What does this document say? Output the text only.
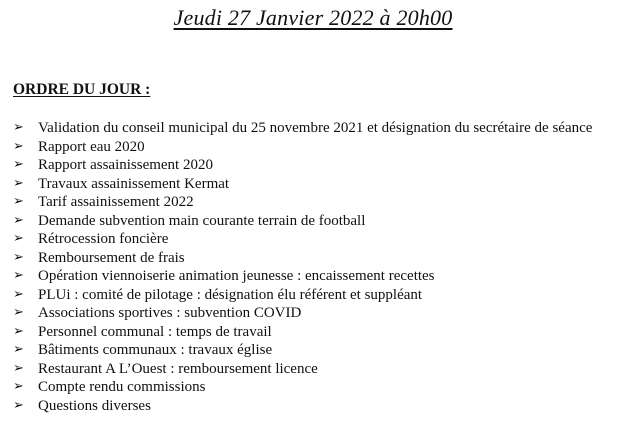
Jeudi 27 Janvier 2022 à 20h00
ORDRE DU JOUR :
➢ Validation du conseil municipal du 25 novembre 2021 et désignation du secrétaire de séance
➢ Rapport eau 2020
➢ Rapport assainissement 2020
➢ Travaux assainissement Kermat
➢ Tarif assainissement 2022
➢ Demande subvention main courante terrain de football
➢ Rétrocession foncière
➢ Remboursement de frais
➢ Opération viennoiserie animation jeunesse : encaissement recettes
➢ PLUi : comité de pilotage : désignation élu référent et suppléant
➢ Associations sportives : subvention COVID
➢ Personnel communal : temps de travail
➢ Bâtiments communaux : travaux église
➢ Restaurant A L’Ouest : remboursement licence
➢ Compte rendu commissions
➢ Questions diverses
